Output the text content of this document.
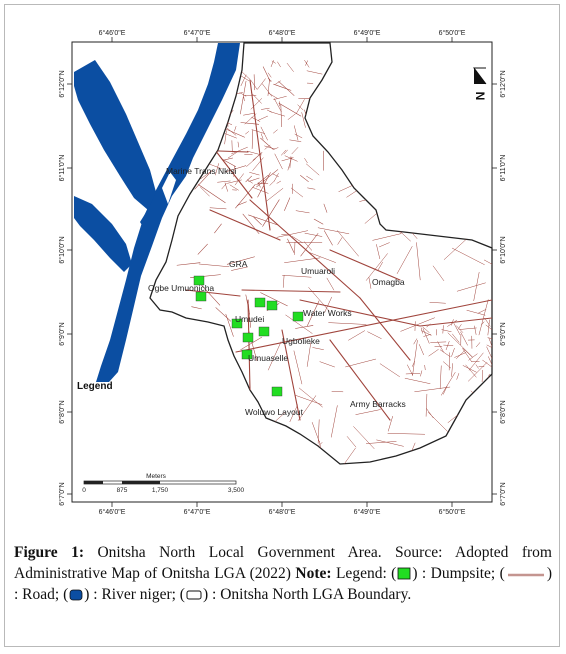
6°46'0"E
6°46'0"E
6°47'0"E
6°47'0"E
6°48'0"E
6°48'0"E
6°49'0"E
6°49'0"E
6°50'0"E
6°50'0"E
6°12'0"N	6°12'0"N
6°11'0"N	6°11'0"N
6°10'0"N	6°10'0"N
6°9'0"N	6°9'0"N
6°8'0"N	6°8'0"N
6°7'0"N	6°7'0"N
Marine Trans Nkisi
GRA
Umuaroli
Omagba
Ogbe Umuonicha
Water Works
Umudei
Ugbolieke
Umuaselle
Woluwo Layout
Army Barracks
Legend
N
Meters
0	875	1,750	3,500
Figure 1: Onitsha North Local Government Area. Source: Adopted from Administrative Map of Onitsha LGA (2022) Note: Legend: ( ) : Dumpsite; (	) : Road; ( ) : River niger; ( ) : Onitsha North LGA Boundary.
